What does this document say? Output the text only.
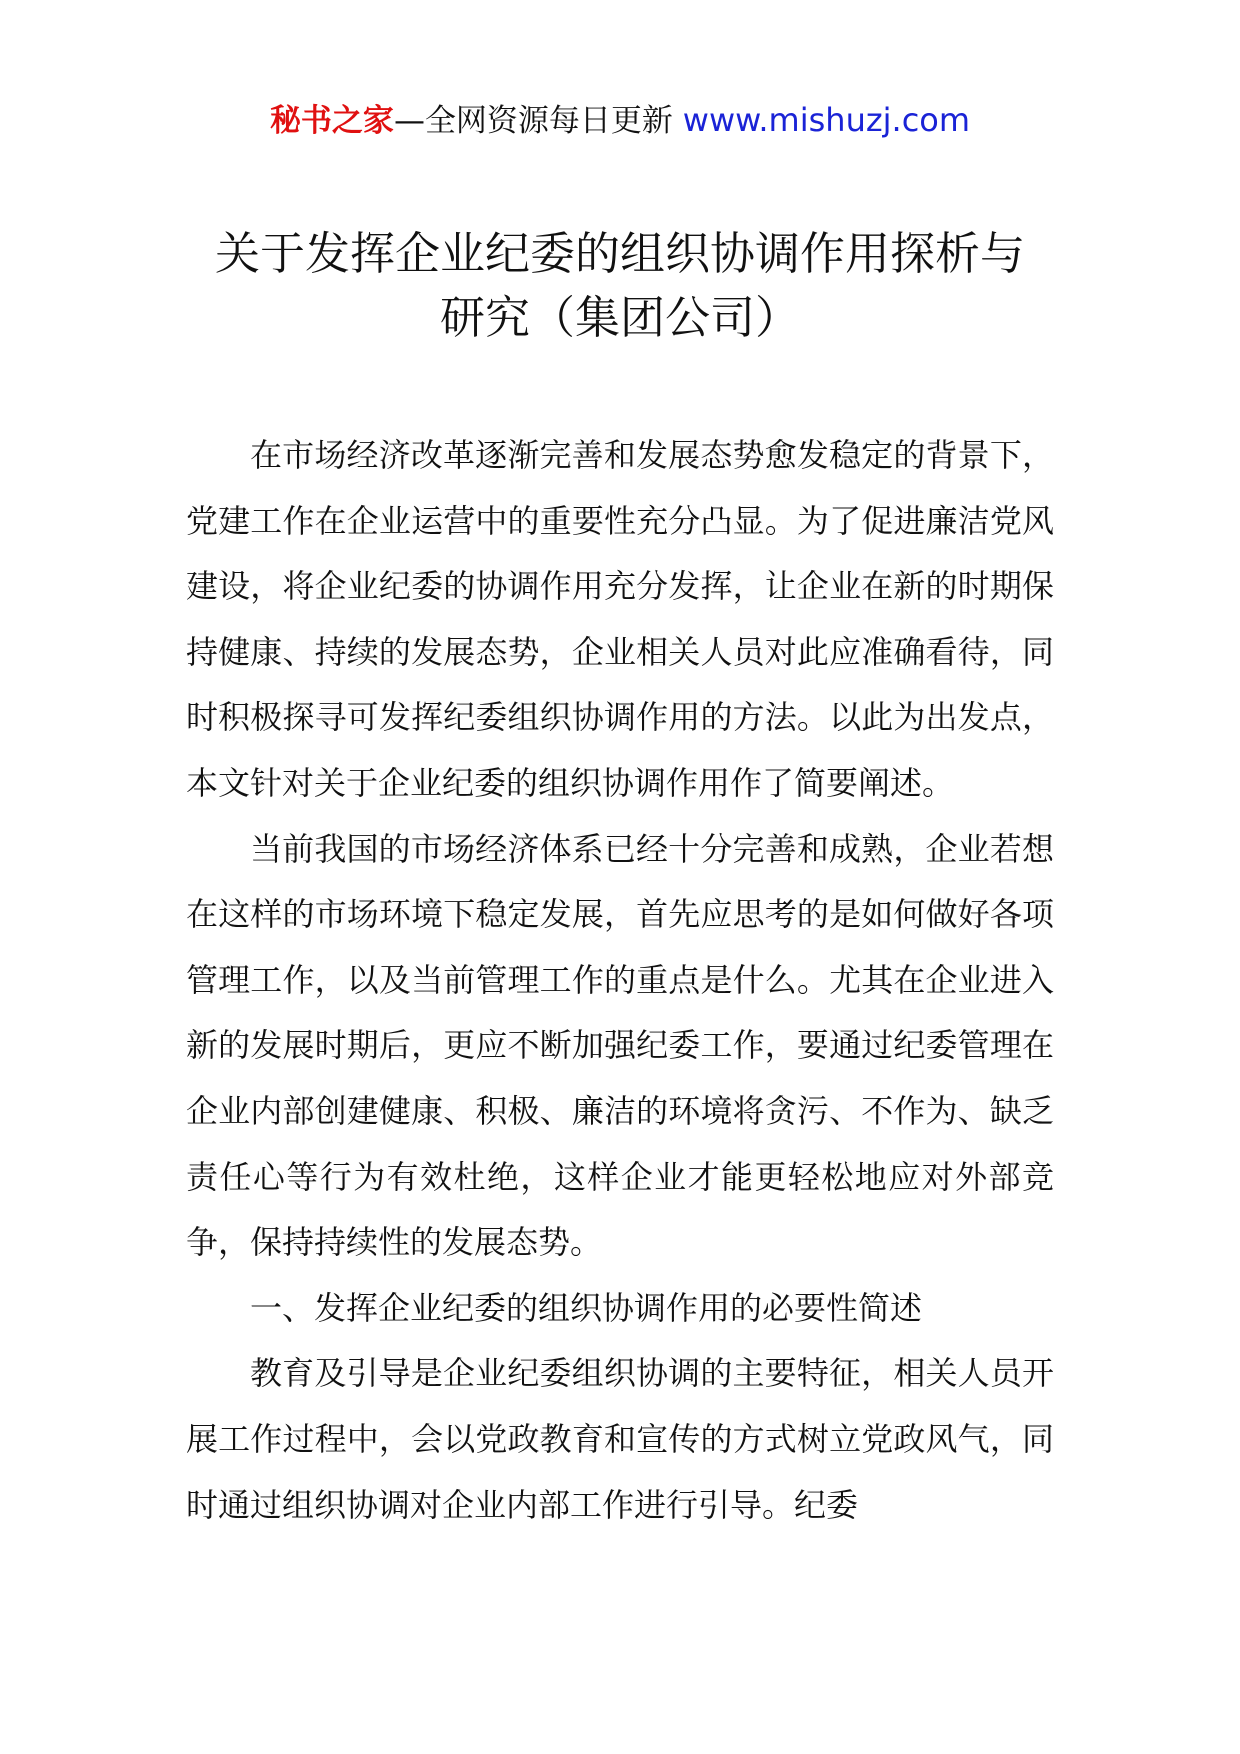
秘书之家—全网资源每日更新 www.mishuzj.com
关于发挥企业纪委的组织协调作用探析与
研究（集团公司）

在市场经济改革逐渐完善和发展态势愈发稳定的背景下，党建工作在企业运营中的重要性充分凸显。为了促进廉洁党风建设，将企业纪委的协调作用充分发挥，让企业在新的时期保持健康、持续的发展态势，企业相关人员对此应准确看待，同时积极探寻可发挥纪委组织协调作用的方法。以此为出发点，本文针对关于企业纪委的组织协调作用作了简要阐述。

当前我国的市场经济体系已经十分完善和成熟，企业若想在这样的市场环境下稳定发展，首先应思考的是如何做好各项管理工作，以及当前管理工作的重点是什么。尤其在企业进入新的发展时期后，更应不断加强纪委工作，要通过纪委管理在企业内部创建健康、积极、廉洁的环境将贪污、不作为、缺乏责任心等行为有效杜绝，这样企业才能更轻松地应对外部竞争，保持持续性的发展态势。

一、发挥企业纪委的组织协调作用的必要性简述

教育及引导是企业纪委组织协调的主要特征，相关人员开展工作过程中，会以党政教育和宣传的方式树立党政风气，同时通过组织协调对企业内部工作进行引导。纪委
